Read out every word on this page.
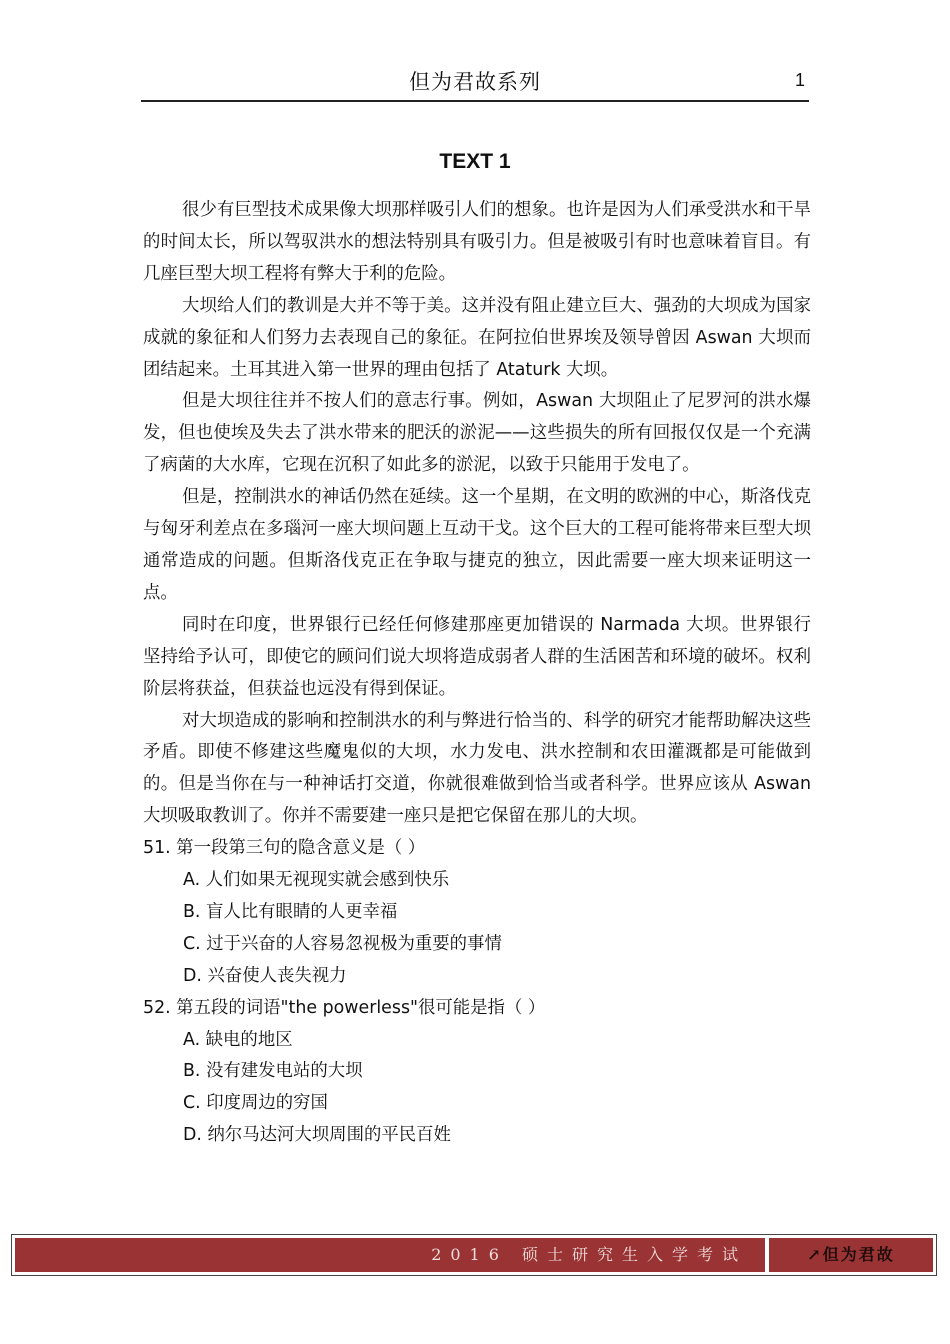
但为君故系列	1
TEXT 1

很少有巨型技术成果像大坝那样吸引人们的想象。也许是因为人们承受洪水和干旱的时间太长，所以驾驭洪水的想法特别具有吸引力。但是被吸引有时也意味着盲目。有几座巨型大坝工程将有弊大于利的危险。

大坝给人们的教训是大并不等于美。这并没有阻止建立巨大、强劲的大坝成为国家成就的象征和人们努力去表现自己的象征。在阿拉伯世界埃及领导曾因 Aswan 大坝而团结起来。土耳其进入第一世界的理由包括了 Ataturk 大坝。

但是大坝往往并不按人们的意志行事。例如，Aswan 大坝阻止了尼罗河的洪水爆发，但也使埃及失去了洪水带来的肥沃的淤泥——这些损失的所有回报仅仅是一个充满了病菌的大水库，它现在沉积了如此多的淤泥，以致于只能用于发电了。

但是，控制洪水的神话仍然在延续。这一个星期，在文明的欧洲的中心，斯洛伐克与匈牙利差点在多瑙河一座大坝问题上互动干戈。这个巨大的工程可能将带来巨型大坝通常造成的问题。但斯洛伐克正在争取与捷克的独立，因此需要一座大坝来证明这一点。

同时在印度，世界银行已经任何修建那座更加错误的 Narmada 大坝。世界银行坚持给予认可，即使它的顾问们说大坝将造成弱者人群的生活困苦和环境的破坏。权利阶层将获益，但获益也远没有得到保证。

对大坝造成的影响和控制洪水的利与弊进行恰当的、科学的研究才能帮助解决这些矛盾。即使不修建这些魔鬼似的大坝，水力发电、洪水控制和农田灌溉都是可能做到的。但是当你在与一种神话打交道，你就很难做到恰当或者科学。世界应该从 Aswan 大坝吸取教训了。你并不需要建一座只是把它保留在那儿的大坝。

51. 第一段第三句的隐含意义是（ ）

A. 人们如果无视现实就会感到快乐

B. 盲人比有眼睛的人更幸福

C. 过于兴奋的人容易忽视极为重要的事情

D. 兴奋使人丧失视力

52. 第五段的词语"the powerless"很可能是指（ ）

A. 缺电的地区

B. 没有建发电站的大坝

C. 印度周边的穷国

D. 纳尔马达河大坝周围的平民百姓

2016 硕士研究生入学考试	↗但为君故
